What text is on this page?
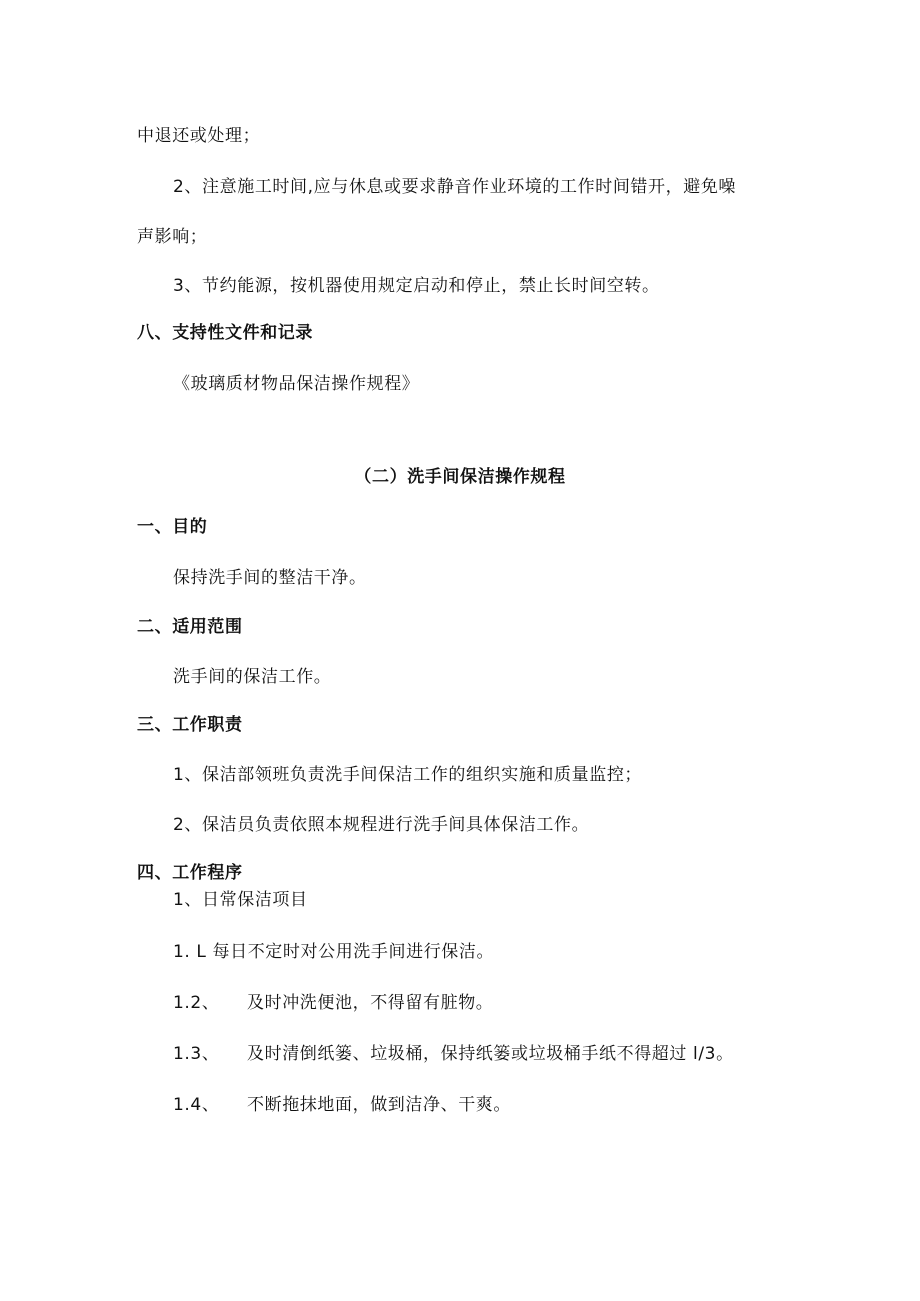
中退还或处理；
2、注意施工时间,应与休息或要求静音作业环境的工作时间错开，避免噪
声影响；
3、节约能源，按机器使用规定启动和停止，禁止长时间空转。
八、支持性文件和记录
《玻璃质材物品保洁操作规程》
（二）洗手间保洁操作规程
一、目的
保持洗手间的整洁干净。
二、适用范围
洗手间的保洁工作。
三、工作职责
1、保洁部领班负责洗手间保洁工作的组织实施和质量监控；
2、保洁员负责依照本规程进行洗手间具体保洁工作。
四、工作程序
1、日常保洁项目
1. L 每日不定时对公用洗手间进行保洁。
1.2、 及时冲洗便池，不得留有脏物。
1.3、 及时清倒纸篓、垃圾桶，保持纸篓或垃圾桶手纸不得超过 l/3。
1.4、 不断拖抹地面，做到洁净、干爽。
